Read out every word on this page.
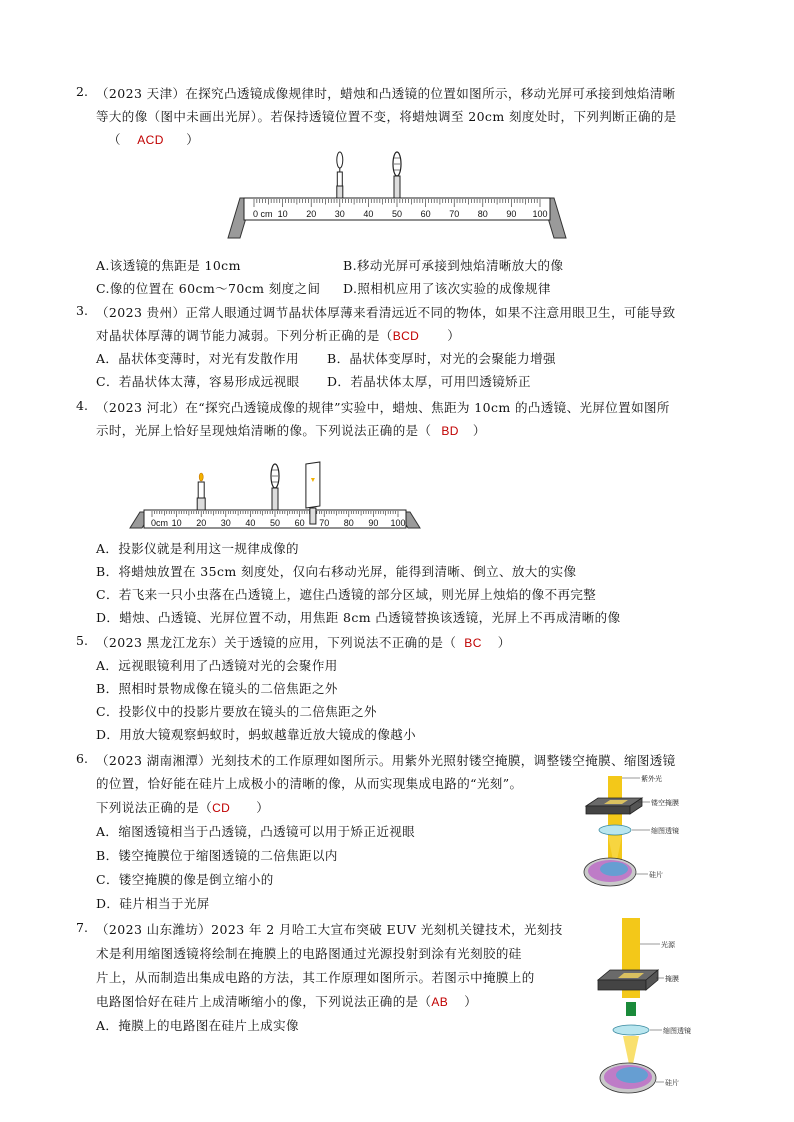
2. （2023 天津）在探究凸透镜成像规律时，蜡烛和凸透镜的位置如图所示，移动光屏可承接到烛焰清晰
等大的像（图中未画出光屏）。若保持透镜位置不变，将蜡烛调至 20cm 刻度处时，下列判断正确的是
（ ACD ）
0 cm 10 20 30 40 50 60 70 80 90 100
A.该透镜的焦距是 10cm	B.移动光屏可承接到烛焰清晰放大的像
C.像的位置在 60cm～70cm 刻度之间 D.照相机应用了该次实验的成像规律
3. （2023 贵州）正常人眼通过调节晶状体厚薄来看清远近不同的物体，如果不注意用眼卫生，可能导致
对晶状体厚薄的调节能力减弱。下列分析正确的是（BCD ）
A．晶状体变薄时，对光有发散作用 B．晶状体变厚时，对光的会聚能力增强
C．若晶状体太薄，容易形成远视眼 D．若晶状体太厚，可用凹透镜矫正
4. （2023 河北）在“探究凸透镜成像的规律”实验中，蜡烛、焦距为 10cm 的凸透镜、光屏位置如图所
示时，光屏上恰好呈现烛焰清晰的像。下列说法正确的是（ BD ）
0cm 10 20 30 40 50 60 70 80 90 100
A．投影仪就是利用这一规律成像的
B．将蜡烛放置在 35cm 刻度处，仅向右移动光屏，能得到清晰、倒立、放大的实像
C．若飞来一只小虫落在凸透镜上，遮住凸透镜的部分区域，则光屏上烛焰的像不再完整
D．蜡烛、凸透镜、光屏位置不动，用焦距 8cm 凸透镜替换该透镜，光屏上不再成清晰的像
5. （2023 黑龙江龙东）关于透镜的应用，下列说法不正确的是（ BC ）
A．远视眼镜利用了凸透镜对光的会聚作用
B．照相时景物成像在镜头的二倍焦距之外
C．投影仪中的投影片要放在镜头的二倍焦距之外
D．用放大镜观察蚂蚁时，蚂蚁越靠近放大镜成的像越小
6. （2023 湖南湘潭）光刻技术的工作原理如图所示。用紫外光照射镂空掩膜，调整镂空掩膜、缩图透镜
的位置，恰好能在硅片上成极小的清晰的像，从而实现集成电路的“光刻”。
下列说法正确的是（CD ）
A．缩图透镜相当于凸透镜，凸透镜可以用于矫正近视眼
B．镂空掩膜位于缩图透镜的二倍焦距以内
C．镂空掩膜的像是倒立缩小的
D．硅片相当于光屏
紫外光
镂空掩膜
缩图透镜
硅片
7. （2023 山东潍坊）2023 年 2 月哈工大宣布突破 EUV 光刻机关键技术，光刻技
术是利用缩图透镜将绘制在掩膜上的电路图通过光源投射到涂有光刻胶的硅
片上，从而制造出集成电路的方法，其工作原理如图所示。若图示中掩膜上的
电路图恰好在硅片上成清晰缩小的像，下列说法正确的是（AB ）
A．掩膜上的电路图在硅片上成实像
光源
掩膜
缩图透镜
硅片
